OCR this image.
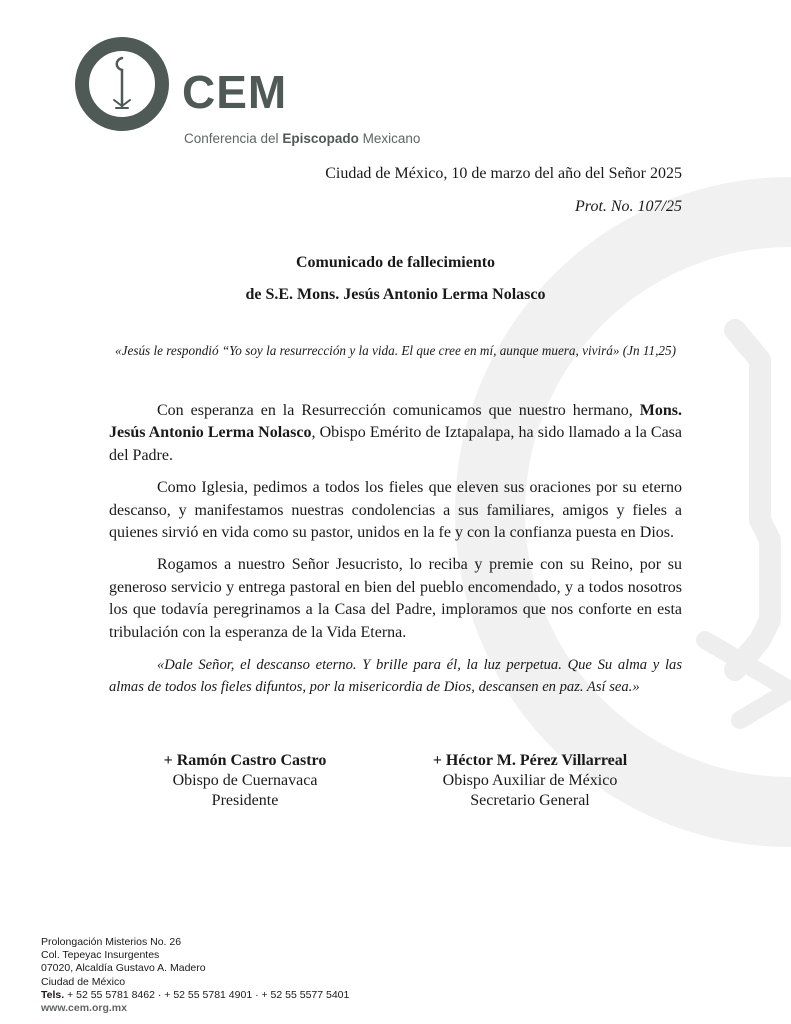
CEM
Conferencia del Episcopado Mexicano

Ciudad de México, 10 de marzo del año del Señor 2025

Prot. No. 107/25

Comunicado de fallecimiento
de S.E. Mons. Jesús Antonio Lerma Nolasco

«Jesús le respondió “Yo soy la resurrección y la vida. El que cree en mí, aunque muera, vivirá» (Jn 11,25)

Con esperanza en la Resurrección comunicamos que nuestro hermano, Mons. Jesús Antonio Lerma Nolasco, Obispo Emérito de Iztapalapa, ha sido llamado a la Casa del Padre.

Como Iglesia, pedimos a todos los fieles que eleven sus oraciones por su eterno descanso, y manifestamos nuestras condolencias a sus familiares, amigos y fieles a quienes sirvió en vida como su pastor, unidos en la fe y con la confianza puesta en Dios.

Rogamos a nuestro Señor Jesucristo, lo reciba y premie con su Reino, por su generoso servicio y entrega pastoral en bien del pueblo encomendado, y a todos nosotros los que todavía peregrinamos a la Casa del Padre, imploramos que nos conforte en esta tribulación con la esperanza de la Vida Eterna.

«Dale Señor, el descanso eterno. Y brille para él, la luz perpetua. Que Su alma y las almas de todos los fieles difuntos, por la misericordia de Dios, descansen en paz. Así sea.»

+ Ramón Castro Castro
Obispo de Cuernavaca
Presidente
+ Héctor M. Pérez Villarreal
Obispo Auxiliar de México
Secretario General
Prolongación Misterios No. 26
Col. Tepeyac Insurgentes
07020, Alcaldía Gustavo A. Madero
Ciudad de México
Tels. + 52 55 5781 8462 · + 52 55 5781 4901 · + 52 55 5577 5401
www.cem.org.mx
